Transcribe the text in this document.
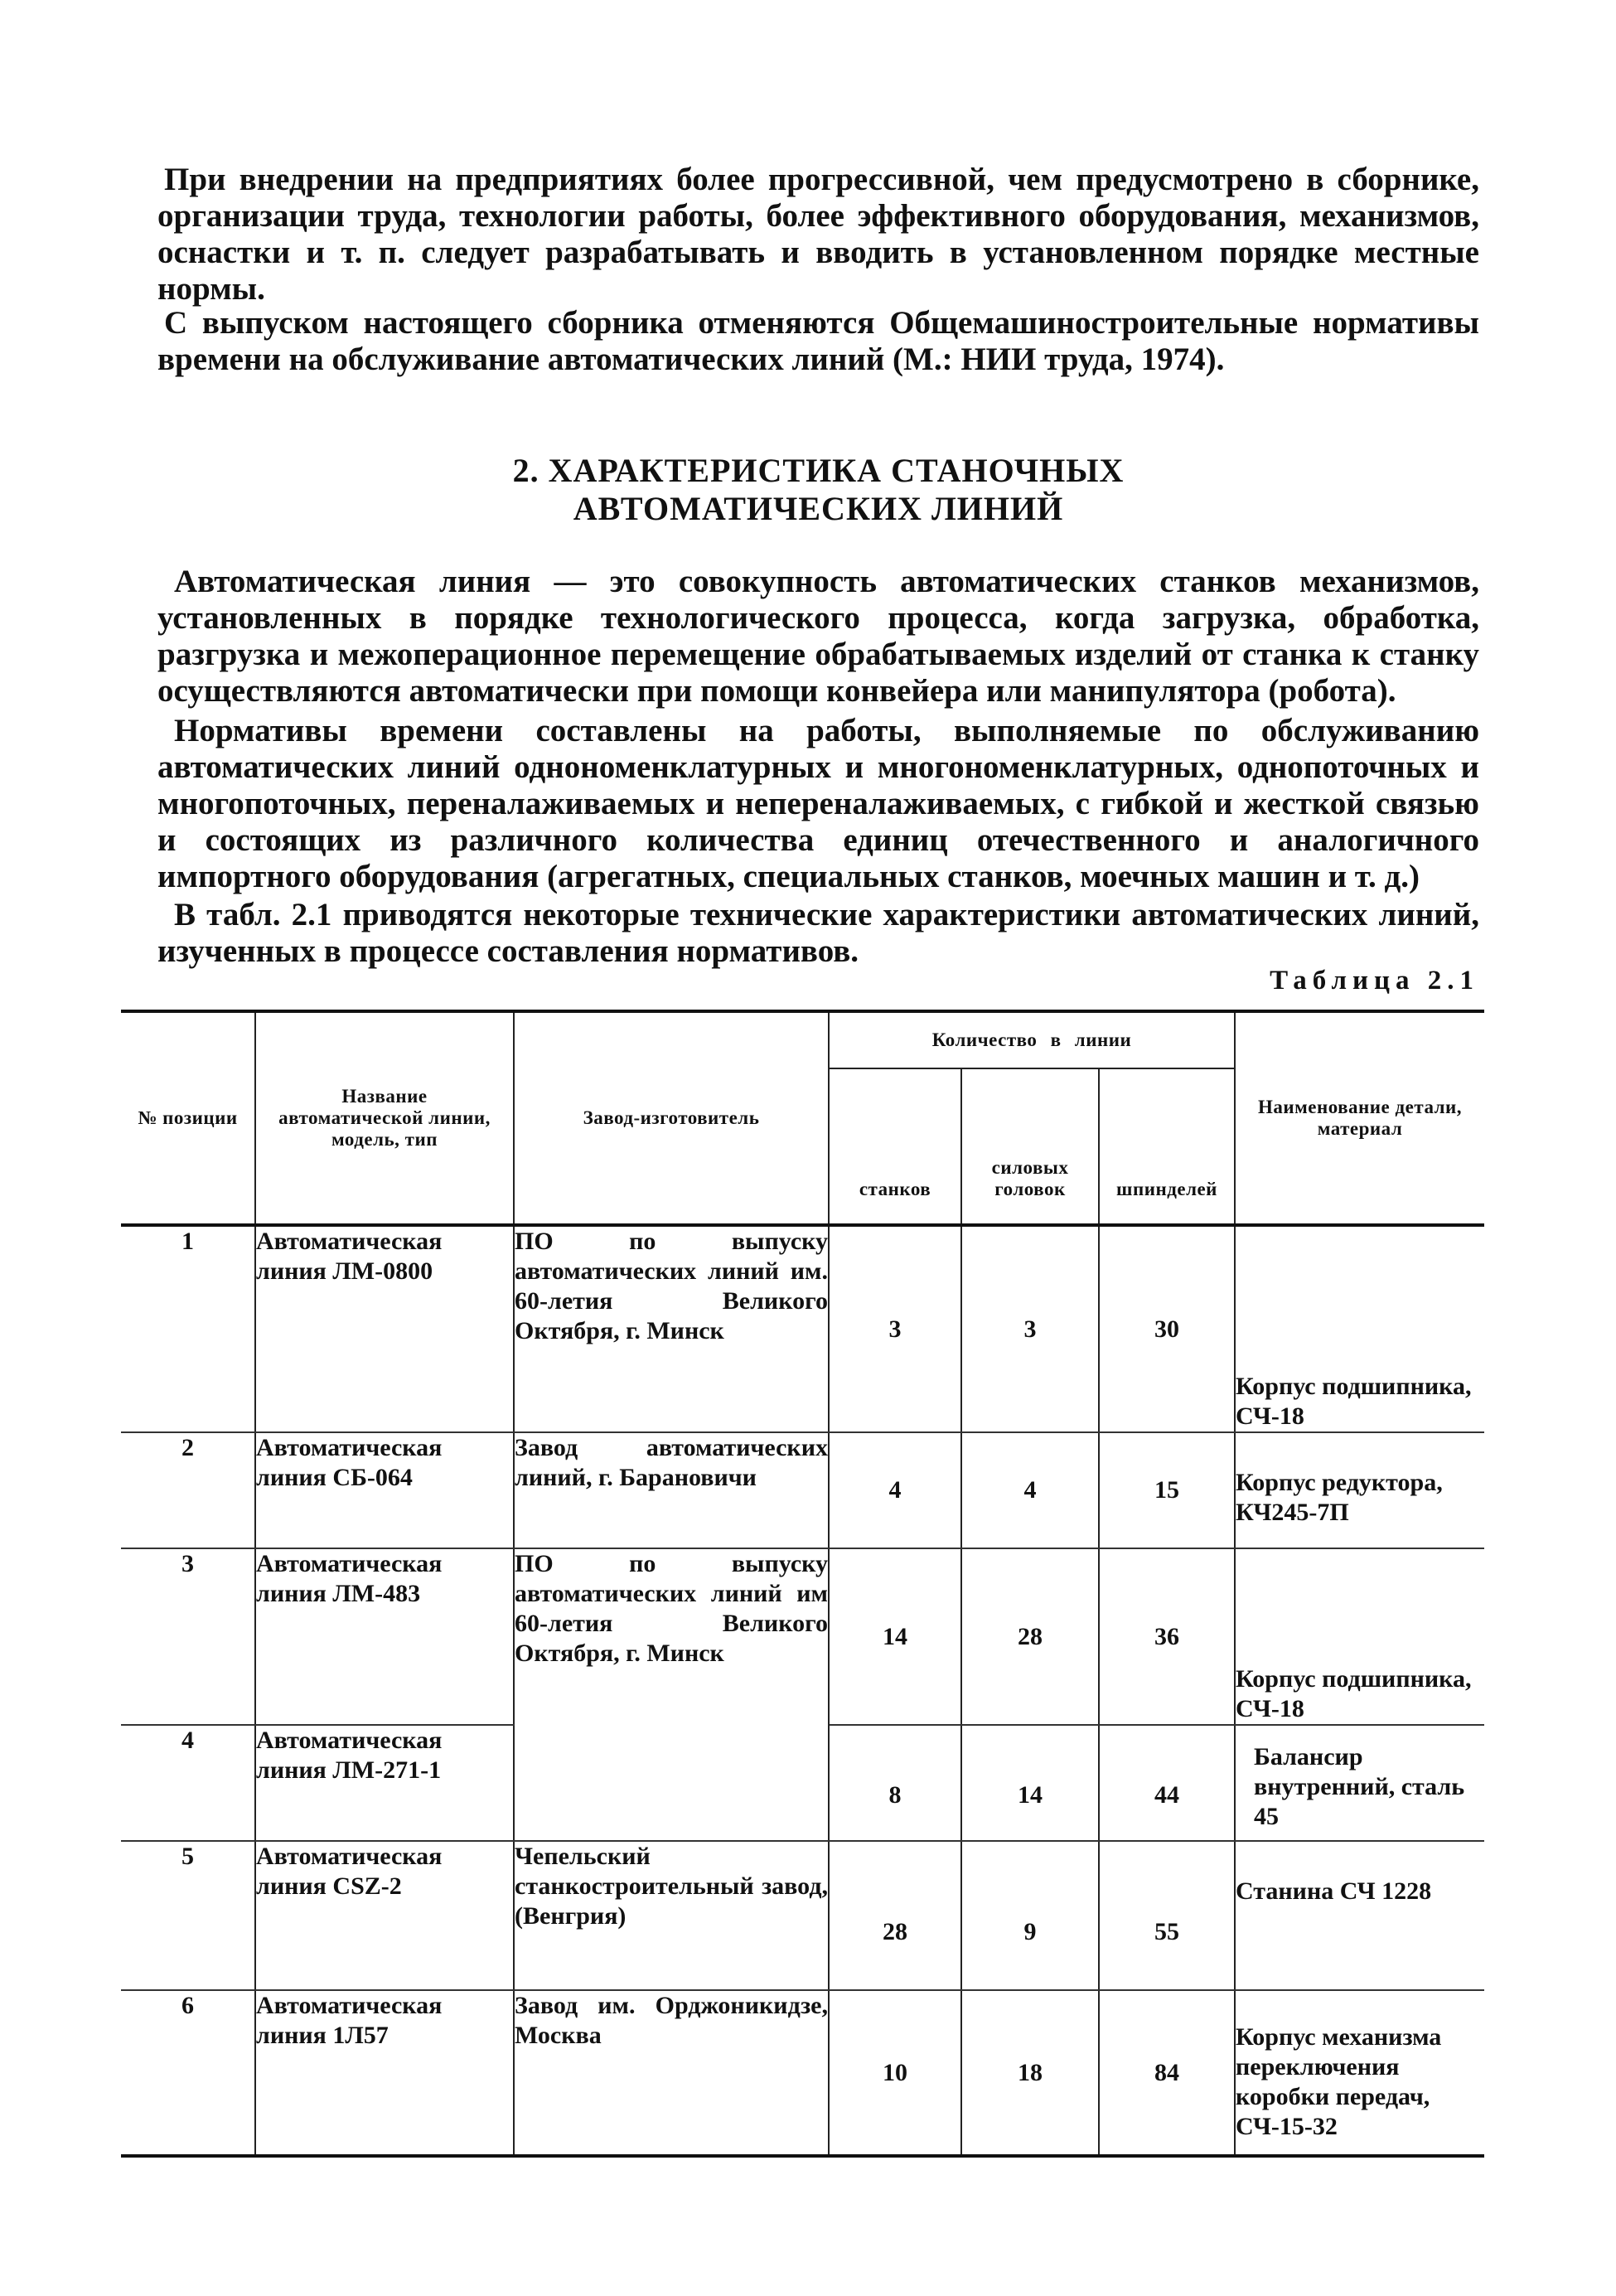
При внедрении на предприятиях более прогрессивной, чем предусмотрено в сборнике, организации труда, технологии работы, более эффективного оборудования, механизмов, оснастки и т. п. следует разрабатывать и вводить в установленном порядке местные нормы.

С выпуском настоящего сборника отменяются Общемашиностроительные нормативы времени на обслуживание автоматических линий (М.: НИИ труда, 1974).

2. ХАРАКТЕРИСТИКА СТАНОЧНЫХ
АВТОМАТИЧЕСКИХ ЛИНИЙ

Автоматическая линия — это совокупность автоматических станков механизмов, установленных в порядке технологического процесса, когда загрузка, обработка, разгрузка и межоперационное перемещение обрабатываемых изделий от станка к станку осуществляются автоматически при помощи конвейера или манипулятора (робота).

Нормативы времени составлены на работы, выполняемые по обслуживанию автоматических линий однономенклатурных и многономенклатурных, однопоточных и многопоточных, переналаживаемых и непереналаживаемых, с гибкой и жесткой связью и состоящих из различного количества единиц отечественного и аналогичного импортного оборудования (агрегатных, специальных станков, моечных машин и т. д.)

В табл. 2.1 приводятся некоторые технические характеристики автоматических линий, изученных в процессе составления нормативов.

Таблица 2.1
№ позиции	Название автоматической линии, модель, тип	Завод-изготовитель	Количество в линии			Наименование детали, материал
			станков	силовых головок	шпинделей	
1	Автоматическая линия ЛМ-0800	ПО по выпуску автоматических линий им. 60-летия Великого Октября, г. Минск	3	3	30	Корпус подшипника, СЧ-18
2	Автоматическая линия СБ-064	Завод автоматических линий, г. Барановичи	4	4	15	Корпус редуктора, КЧ245-7П
3	Автоматическая линия ЛМ-483	ПО по выпуску автоматических линий им 60-летия Великого Октября, г. Минск	14	28	36	Корпус подшипника, СЧ-18
4	Автоматическая линия ЛМ-271-1		8	14	44	Балансир внутренний, сталь 45
5	Автоматическая линия CSZ-2	Чепельский станкостроительный завод, (Венгрия)	28	9	55	Станина СЧ 1228
6	Автоматическая линия 1Л57	Завод им. Орджоникидзе, Москва	10	18	84	Корпус механизма переключения коробки передач, СЧ-15-32
